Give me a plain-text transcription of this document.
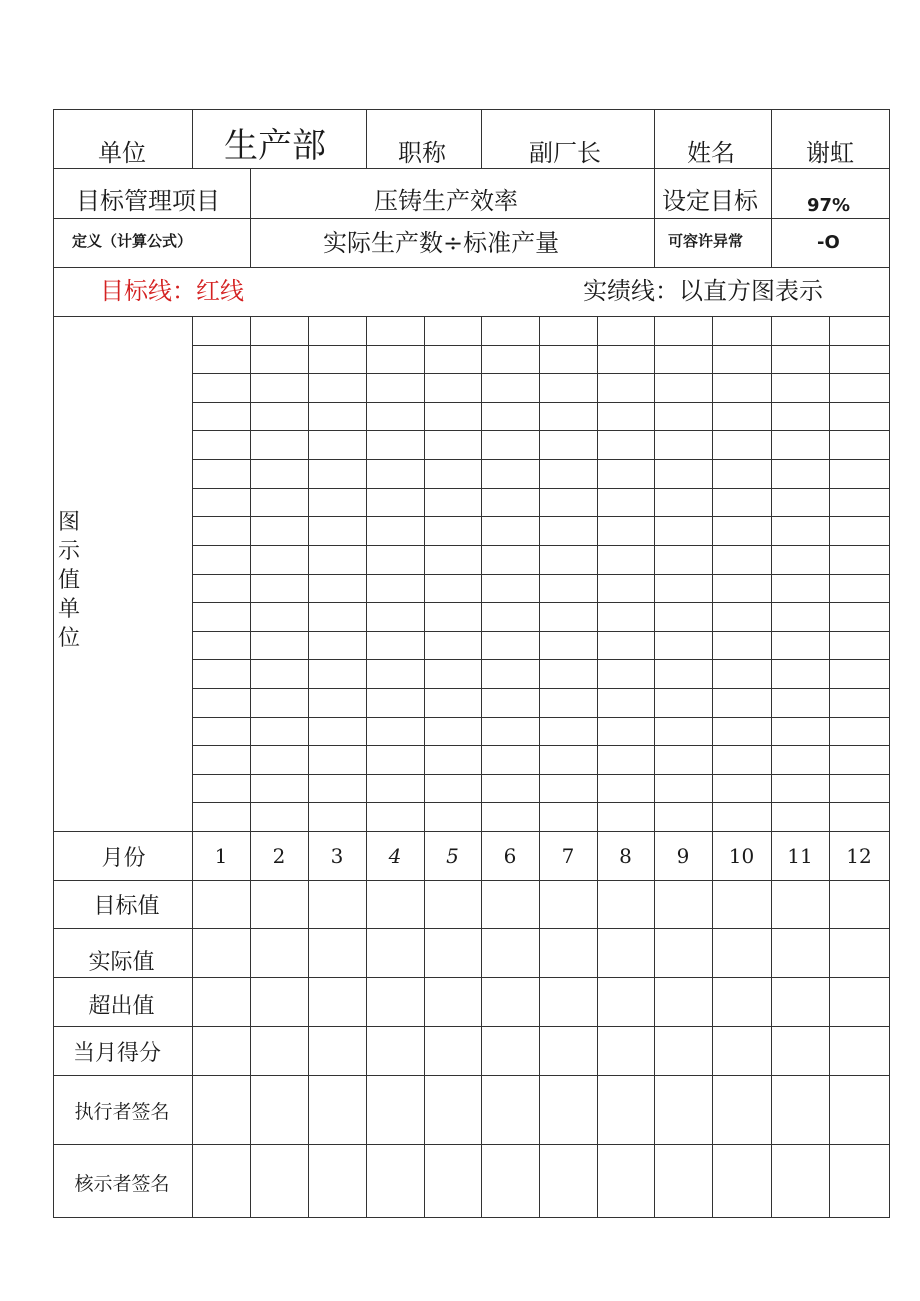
单位 生产部	职称	副厂长	姓名	谢虹
目标管理项目	压铸生产效率	设定目标	97%
定义（计算公式）	实际生产数÷标准产量	可容许异常	-O
目标线：红线	实绩线：以直方图表示
图
示
值
单
位
月份	1	2	3	4	5	6	7	8	9	10	11	12
目标值
实际值
超出值
当月得分
执行者签名
核示者签名
